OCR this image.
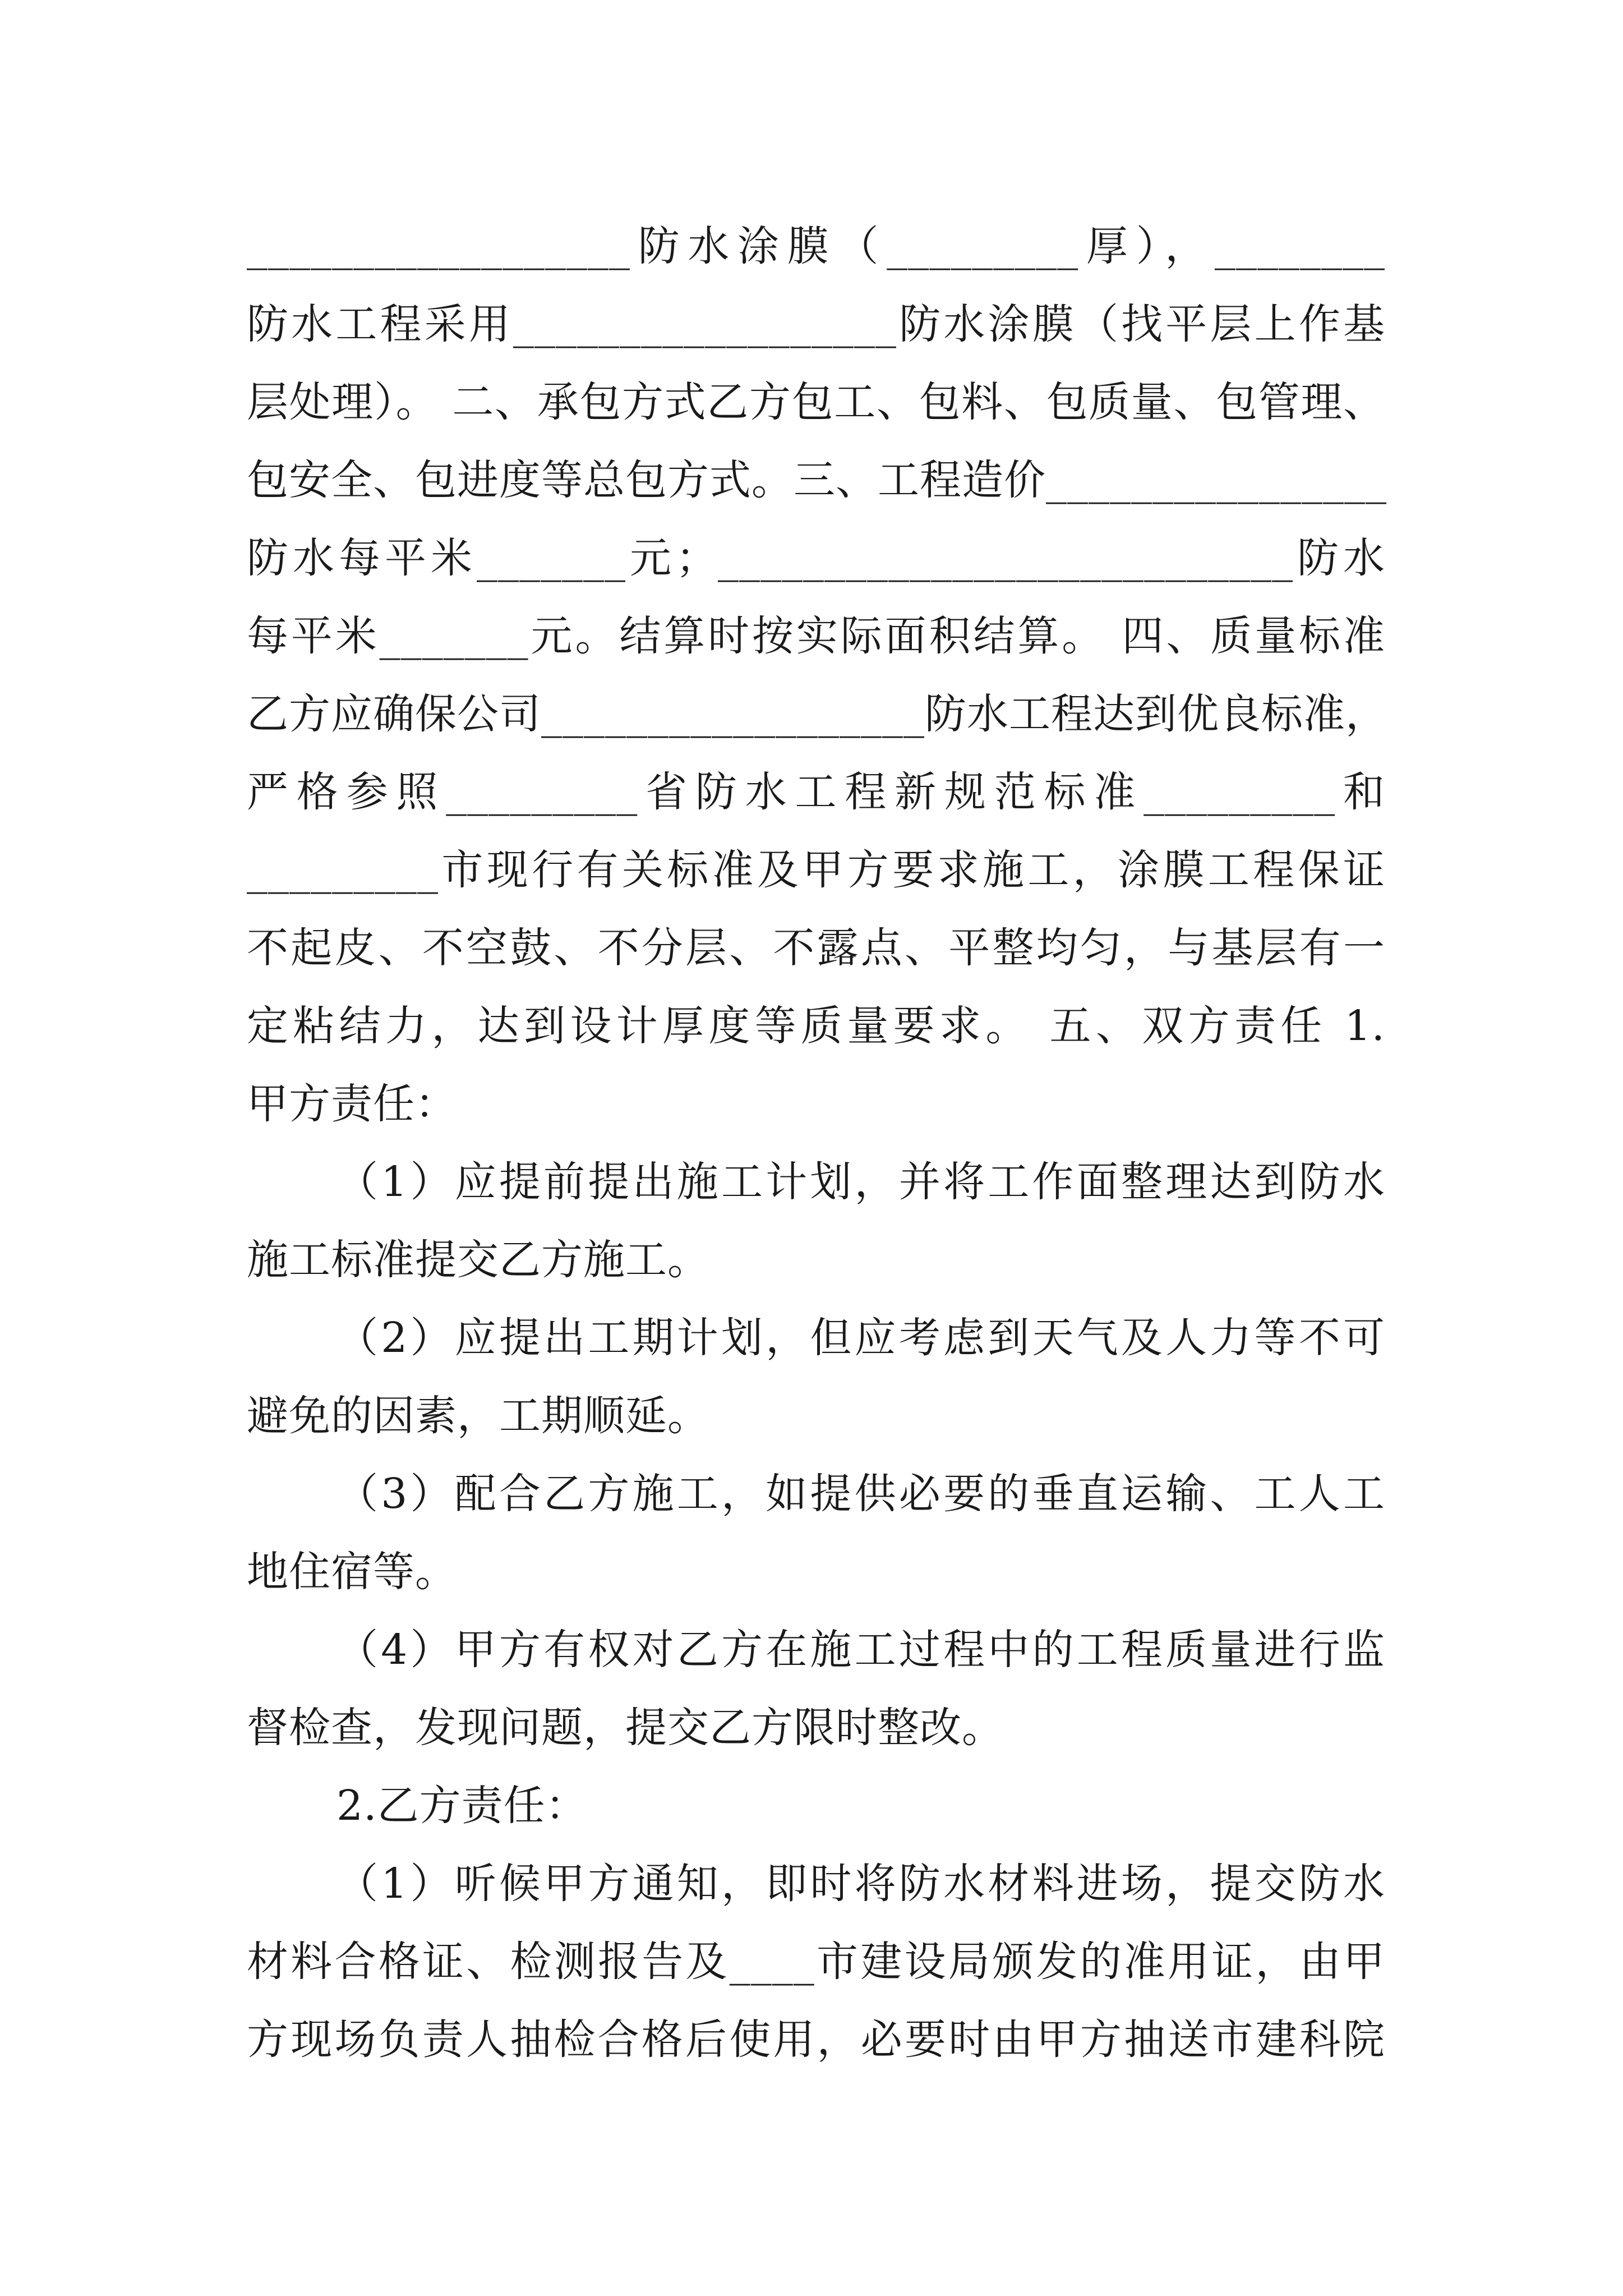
__________________防水涂膜（_________厚），________
防水工程采用__________________防水涂膜（找平层上作基
层处理）。 二、承包方式乙方包工、包料、包质量、包管理、
包安全、包进度等总包方式。三、工程造价________________
防水每平米_______元；___________________________防水
每平米_______元。结算时按实际面积结算。 四、质量标准
乙方应确保公司__________________防水工程达到优良标准，
严格参照_________省防水工程新规范标准_________和
_________市现行有关标准及甲方要求施工，涂膜工程保证
不起皮、不空鼓、不分层、不露点、平整均匀，与基层有一
定粘结力，达到设计厚度等质量要求。 五、双方责任 1.
甲方责任：
（1）应提前提出施工计划，并将工作面整理达到防水
施工标准提交乙方施工。
（2）应提出工期计划，但应考虑到天气及人力等不可
避免的因素，工期顺延。
（3）配合乙方施工，如提供必要的垂直运输、工人工
地住宿等。
（4）甲方有权对乙方在施工过程中的工程质量进行监
督检查，发现问题，提交乙方限时整改。
2.乙方责任：
（1）听候甲方通知，即时将防水材料进场，提交防水
材料合格证、检测报告及____市建设局颁发的准用证，由甲
方现场负责人抽检合格后使用，必要时由甲方抽送市建科院
